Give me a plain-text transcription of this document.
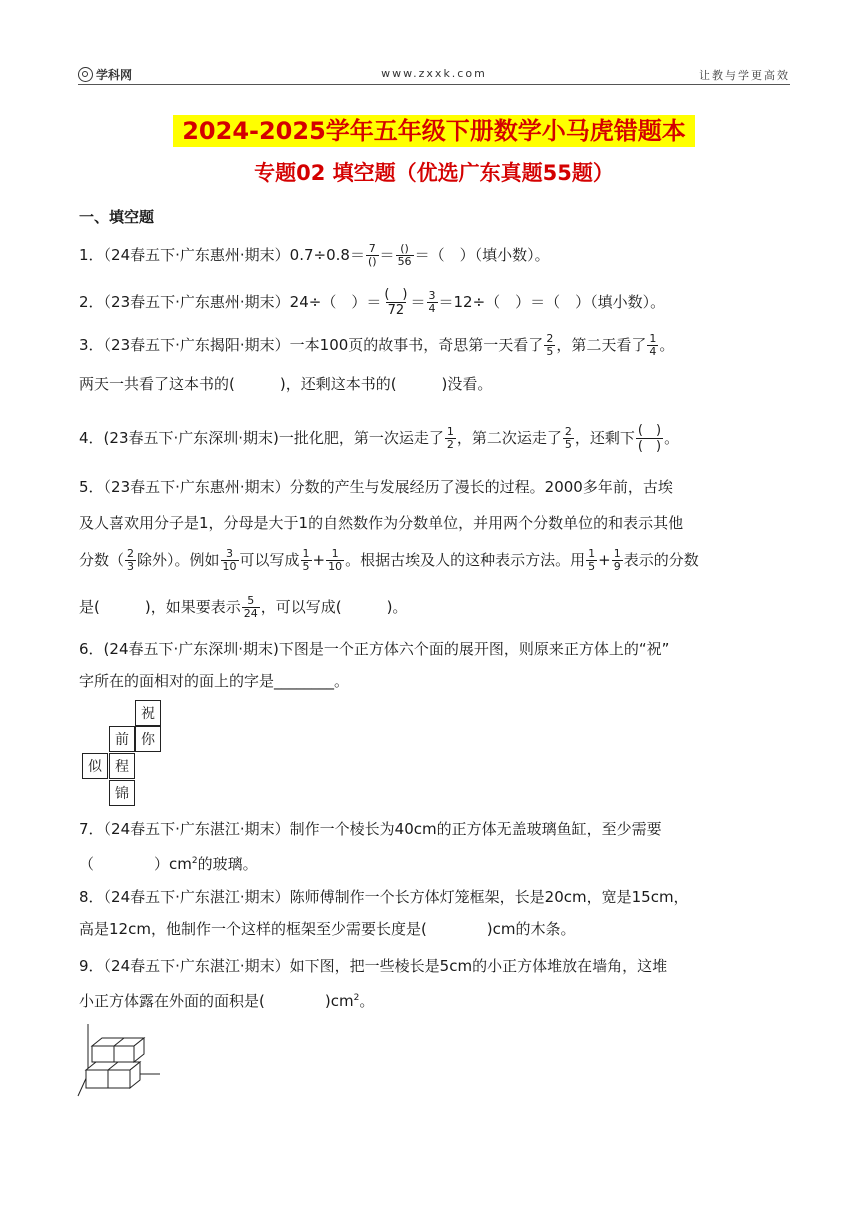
学科网	www.zxxk.com	让教与学更高效
2024-2025学年五年级下册数学小马虎错题本
专题02 填空题（优选广东真题55题）
一、填空题
1．（24春五下·广东惠州·期末）$0.7\div 0.8= \frac{7}{()} = \frac{()}{56}$ ＝（　）（填小数）。
2．（23春五下·广东惠州·期末）24÷（　）＝ $\frac{( )}{72} = \frac{3}{4} =12\div$（　）＝（　）（填小数）。
3．（23春五下·广东揭阳·期末）一本100页的故事书，奇思第一天看了 $\frac{2}{5}$ ，第二天看了 $\frac{1}{4}$ 。
两天一共看了这本书的(　　　)，还剩这本书的(　　　)没看。
4．(23春五下·广东深圳·期末)一批化肥，第一次运走了 $\frac{1}{2}$ ，第二次运走了 $\frac{2}{5}$ ，还剩下 $\frac{( )}{( )}$ 。
5．（23春五下·广东惠州·期末）分数的产生与发展经历了漫长的过程。2000多年前，古埃
及人喜欢用分子是1，分母是大于1的自然数作为分数单位，并用两个分数单位的和表示其他
分数（ $\frac{2}{3}$ 除外）。例如 $\frac{3}{10}$ 可以写成 $\frac{1}{5} + \frac{1}{10}$ 。根据古埃及人的这种表示方法。用 $\frac{1}{5} + \frac{1}{9}$ 表示的分数
是(　　　)，如果要表示 $\frac{5}{24}$ ，可以写成(　　　)。
6．(24春五下·广东深圳·期末)下图是一个正方体六个面的展开图，则原来正方体上的“祝”
字所在的面相对的面上的字是________。
祝
前 你
似 程
锦
7．（24春五下·广东湛江·期末）制作一个棱长为40cm的正方体无盖玻璃鱼缸，至少需要
（　　　　）$cm^2$的玻璃。
8．（24春五下·广东湛江·期末）陈师傅制作一个长方体灯笼框架，长是20cm，宽是15cm，
高是12cm，他制作一个这样的框架至少需要长度是(　　　　)cm的木条。
9．（24春五下·广东湛江·期末）如下图，把一些棱长是5cm的小正方体堆放在墙角，这堆
小正方体露在外面的面积是(　　　　)$cm^2$。
